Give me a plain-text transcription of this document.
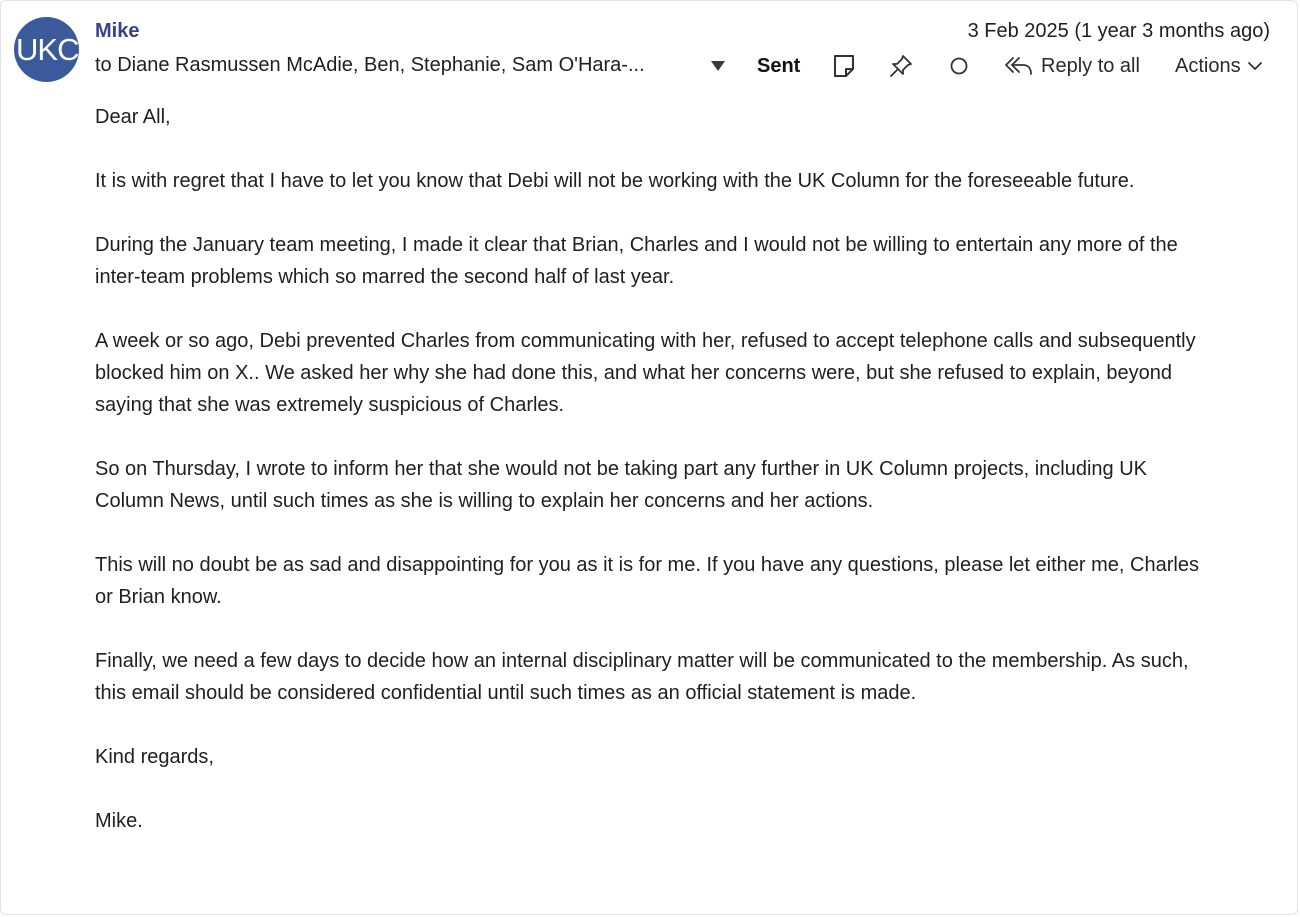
UKC
Mike
to Diane Rasmussen McAdie, Ben, Stephanie, Sam O'Hara-...
3 Feb 2025 (1 year 3 months ago)
Sent	Reply to all Actions

Dear All,

It is with regret that I have to let you know that Debi will not be working with the UK Column for the foreseeable future.

During the January team meeting, I made it clear that Brian, Charles and I would not be willing to entertain any more of the inter-team problems which so marred the second half of last year.

A week or so ago, Debi prevented Charles from communicating with her, refused to accept telephone calls and subsequently blocked him on X.. We asked her why she had done this, and what her concerns were, but she refused to explain, beyond saying that she was extremely suspicious of Charles.

So on Thursday, I wrote to inform her that she would not be taking part any further in UK Column projects, including UK Column News, until such times as she is willing to explain her concerns and her actions.

This will no doubt be as sad and disappointing for you as it is for me. If you have any questions, please let either me, Charles or Brian know.

Finally, we need a few days to decide how an internal disciplinary matter will be communicated to the membership. As such, this email should be considered confidential until such times as an official statement is made.

Kind regards,

Mike.
